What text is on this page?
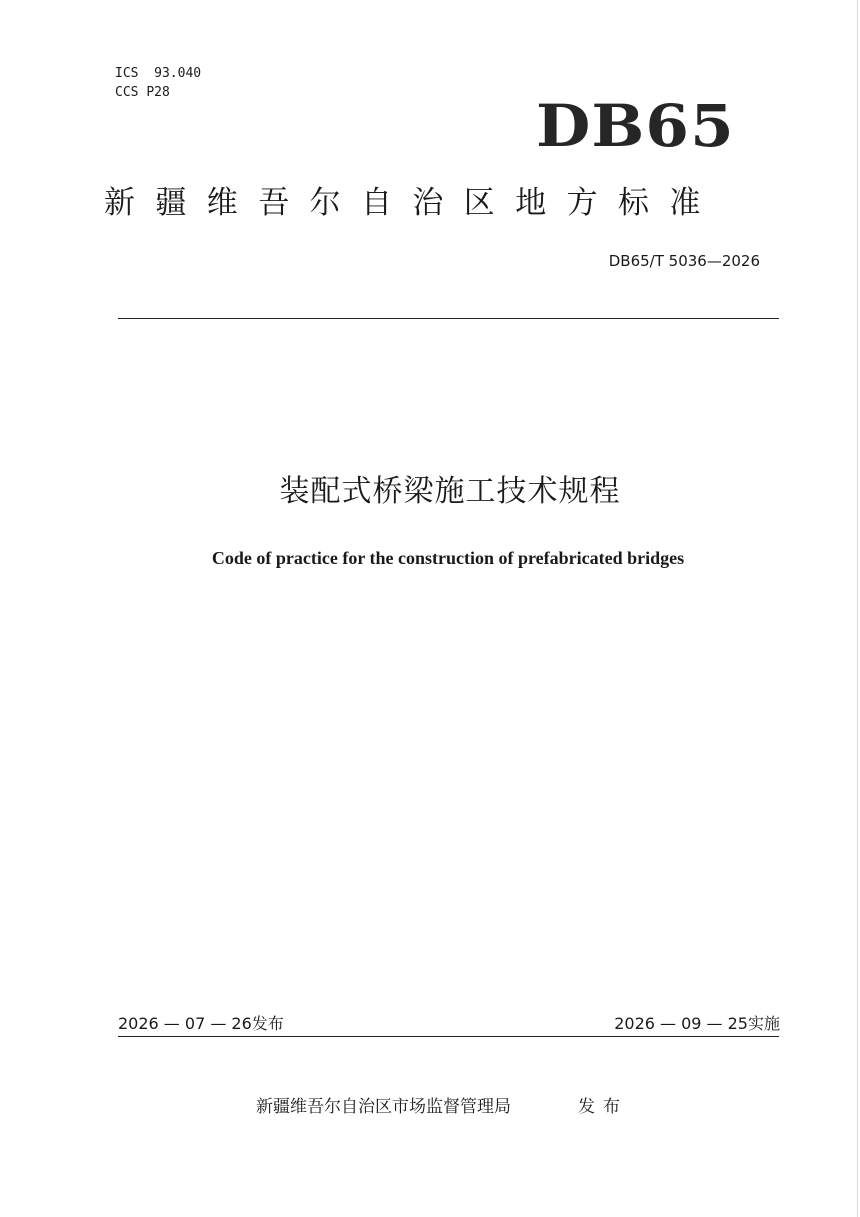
ICS 93.040
CCS P28	DB65
新疆维吾尔自治区地方标准
DB65/T 5036—2026
装配式桥梁施工技术规程
Code of practice for the construction of prefabricated bridges
2026 — 07 — 26发布	2026 — 09 — 25实施
新疆维吾尔自治区市场监督管理局	发布
